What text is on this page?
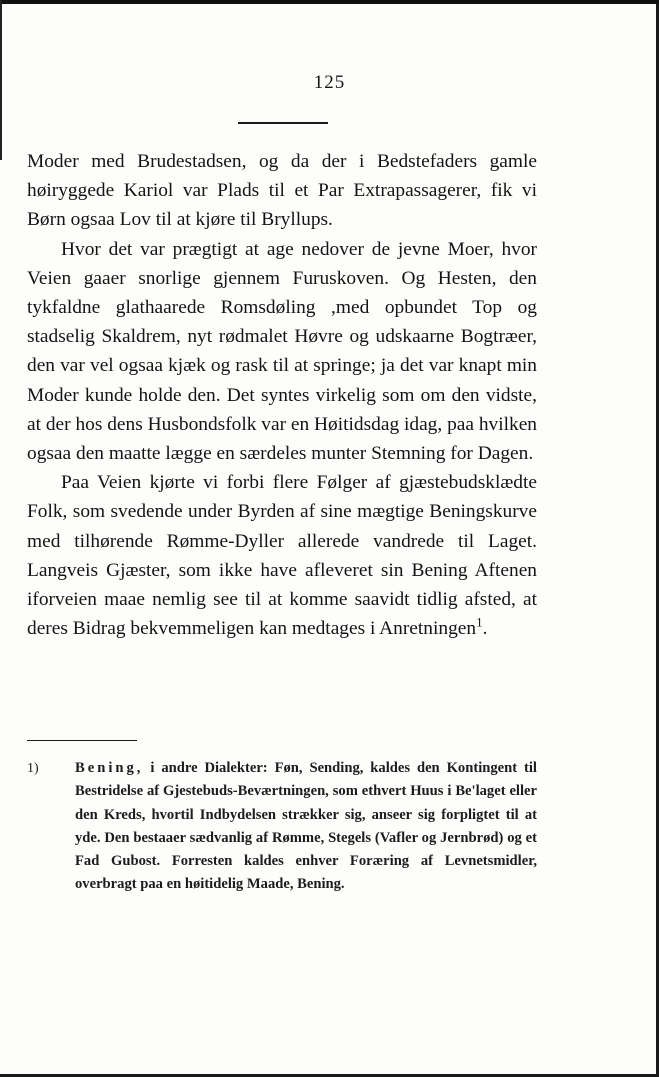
125

Moder med Brudestadsen, og da der i Bedstefaders gamle høiryggede Kariol var Plads til et Par Extrapassagerer, fik vi Børn ogsaa Lov til at kjøre til Bryllups.

Hvor det var prægtigt at age nedover de jevne Moer, hvor Veien gaaer snorlige gjennem Furuskoven. Og Hesten, den tykfaldne glathaarede Romsdøling ,med opbundet Top og stadselig Skaldrem, nyt rødmalet Høvre og udskaarne Bogtræer, den var vel ogsaa kjæk og rask til at springe; ja det var knapt min Moder kunde holde den. Det syntes virkelig som om den vidste, at der hos dens Husbondsfolk var en Høitidsdag idag, paa hvilken ogsaa den maatte lægge en særdeles munter Stemning for Dagen.

Paa Veien kjørte vi forbi flere Følger af gjæstebudsklædte Folk, som svedende under Byrden af sine mægtige Beningskurve med tilhørende Rømme-Dyller allerede vandrede til Laget. Langveis Gjæster, som ikke have afleveret sin Bening Aftenen iforveien maae nemlig see til at komme saavidt tidlig afsted, at deres Bidrag bekvemmeligen kan medtages i Anretningen$^1$.

1) Bening, i andre Dialekter: Føn, Sending, kaldes den Kontingent til Bestridelse af Gjestebuds-Beværtningen, som ethvert Huus i Be'laget eller den Kreds, hvortil Indbydelsen strækker sig, anseer sig forpligtet til at yde. Den bestaaer sædvanlig af Rømme, Stegels (Vafler og Jernbrød) og et Fad Gubost. Forresten kaldes enhver Foræring af Levnetsmidler, overbragt paa en høitidelig Maade, Bening.
